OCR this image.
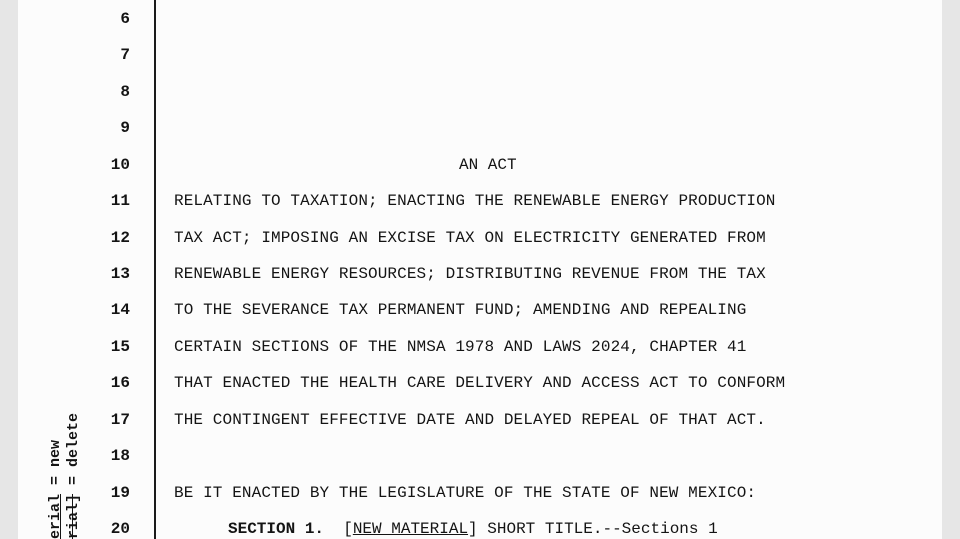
6
7
8
9
10
11
12
13
14
15
16
17
18
19
20
AN ACT
RELATING TO TAXATION; ENACTING THE RENEWABLE ENERGY PRODUCTION
TAX ACT; IMPOSING AN EXCISE TAX ON ELECTRICITY GENERATED FROM
RENEWABLE ENERGY RESOURCES; DISTRIBUTING REVENUE FROM THE TAX
TO THE SEVERANCE TAX PERMANENT FUND; AMENDING AND REPEALING
CERTAIN SECTIONS OF THE NMSA 1978 AND LAWS 2024, CHAPTER 41
THAT ENACTED THE HEALTH CARE DELIVERY AND ACCESS ACT TO CONFORM
THE CONTINGENT EFFECTIVE DATE AND DELAYED REPEAL OF THAT ACT.
BE IT ENACTED BY THE LEGISLATURE OF THE STATE OF NEW MEXICO:
SECTION 1. [NEW MATERIAL] SHORT TITLE.--Sections 1
erial = new
rial] = delete
